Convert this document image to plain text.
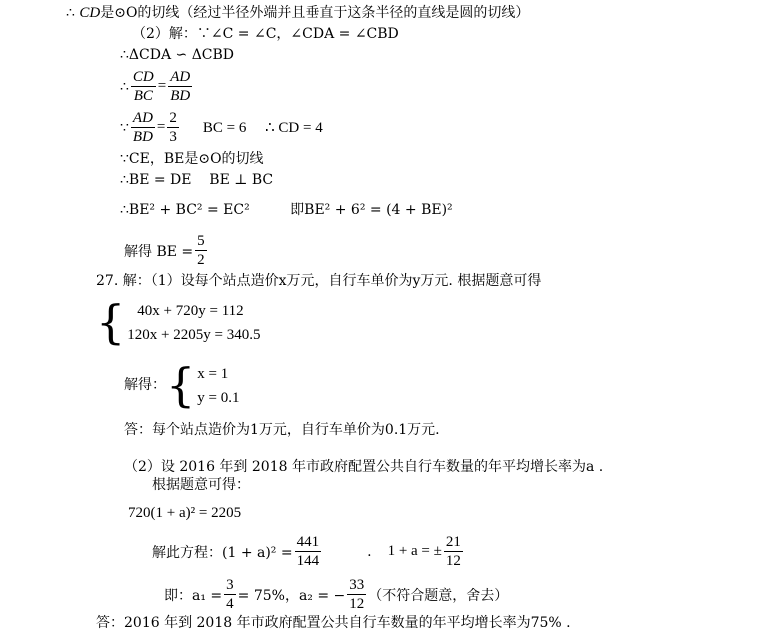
∴ CD是⊙O的切线（经过半径外端并且垂直于这条半径的直线是圆的切线）
（2）解：∵∠C = ∠C，∠CDA = ∠CBD
∴ΔCDA ∽ ΔCBD
∴ $\frac{CD}{BC} = \frac{AD}{BD}$
∵ $\frac{AD}{BD} = \frac{2}{3}$ BC = 6     ∴ CD = 4
∵CE，BE是⊙O的切线
∴BE = DE    BE ⊥ BC
∴BE² + BC² = EC²	即BE² + 6² = (4 + BE)²
解得 BE = $\frac{5}{2}$
27. 解：（1）设每个站点造价x万元，自行车单价为y万元. 根据题意可得
{ 40x + 720y = 112
120x + 2205y = 340.5
解得： { x = 1
y = 0.1
答：每个站点造价为1万元，自行车单价为0.1万元.
（2）设 2016 年到 2018 年市政府配置公共自行车数量的年平均增长率为a .
根据题意可得：
720(1 + a)² = 2205
解此方程：$(1 + a)^2 = \frac{441}{144}$	. 1 + a = ± $\frac{21}{12}$
即：$a_1 = \frac{3}{4} = 75\%$，a₂ = − $\frac{33}{12}$ （不符合题意，舍去）
答：2016 年到 2018 年市政府配置公共自行车数量的年平均增长率为75% .
